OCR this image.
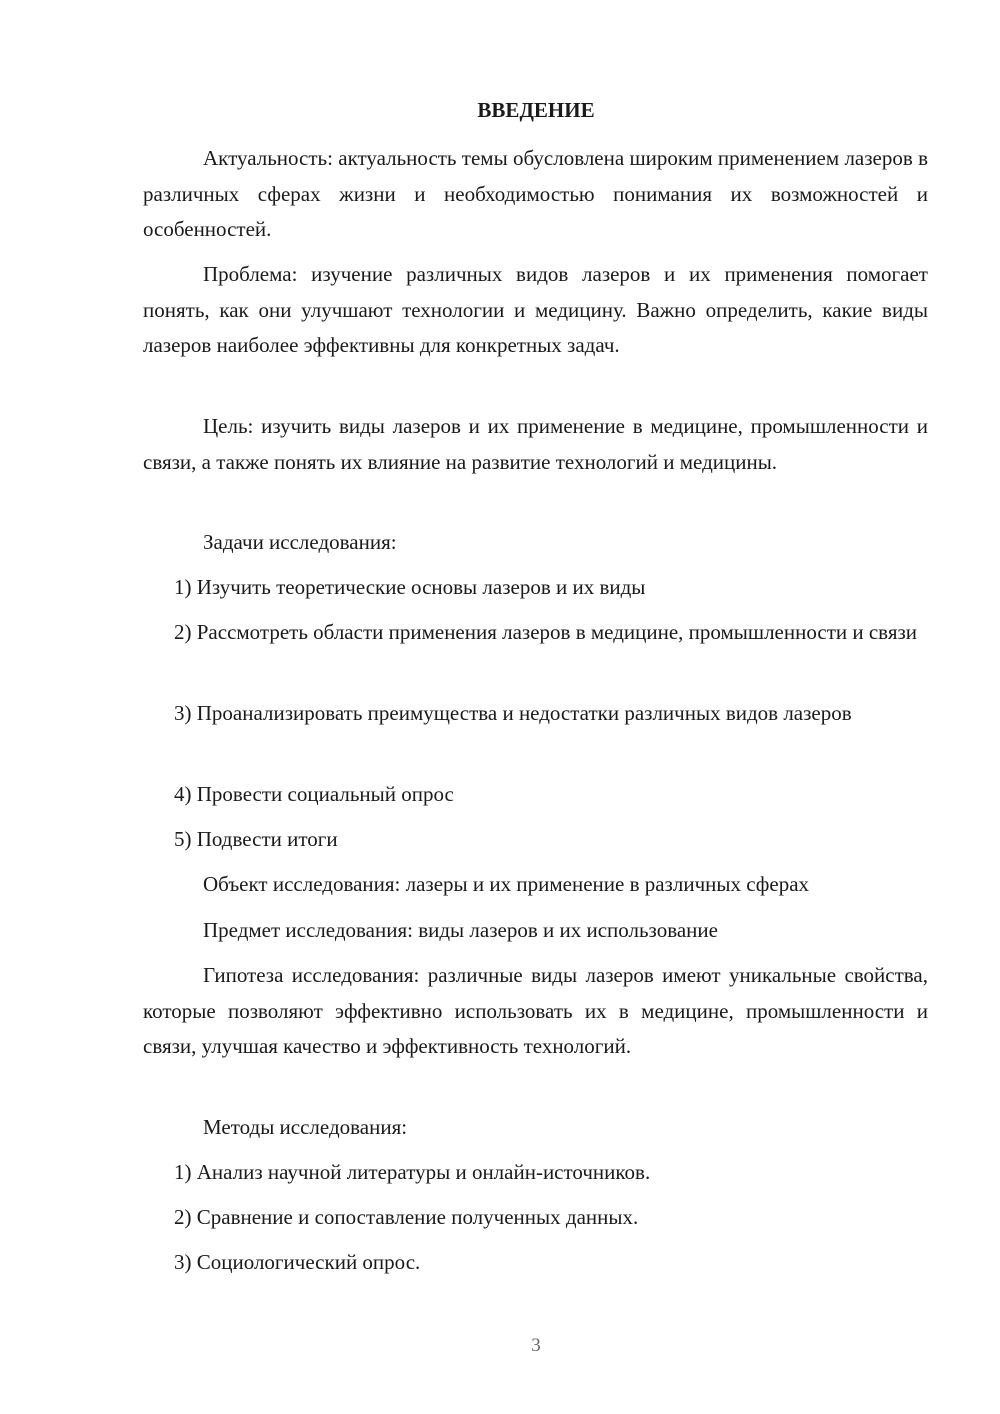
ВВЕДЕНИЕ

Актуальность: актуальность темы обусловлена широким применением лазеров в различных сферах жизни и необходимостью понимания их возможностей и особенностей.

Проблема: изучение различных видов лазеров и их применения помогает понять, как они улучшают технологии и медицину. Важно определить, какие виды лазеров наиболее эффективны для конкретных задач.

Цель: изучить виды лазеров и их применение в медицине, промышленности и связи, а также понять их влияние на развитие технологий и медицины.

Задачи исследования:

1) Изучить теоретические основы лазеров и их виды

2) Рассмотреть области применения лазеров в медицине, промышленности и связи

3) Проанализировать преимущества и недостатки различных видов лазеров

4) Провести социальный опрос

5) Подвести итоги

Объект исследования: лазеры и их применение в различных сферах

Предмет исследования: виды лазеров и их использование

Гипотеза исследования: различные виды лазеров имеют уникальные свойства, которые позволяют эффективно использовать их в медицине, промышленности и связи, улучшая качество и эффективность технологий.

Методы исследования:

1) Анализ научной литературы и онлайн-источников.

2) Сравнение и сопоставление полученных данных.

3) Социологический опрос.

3
